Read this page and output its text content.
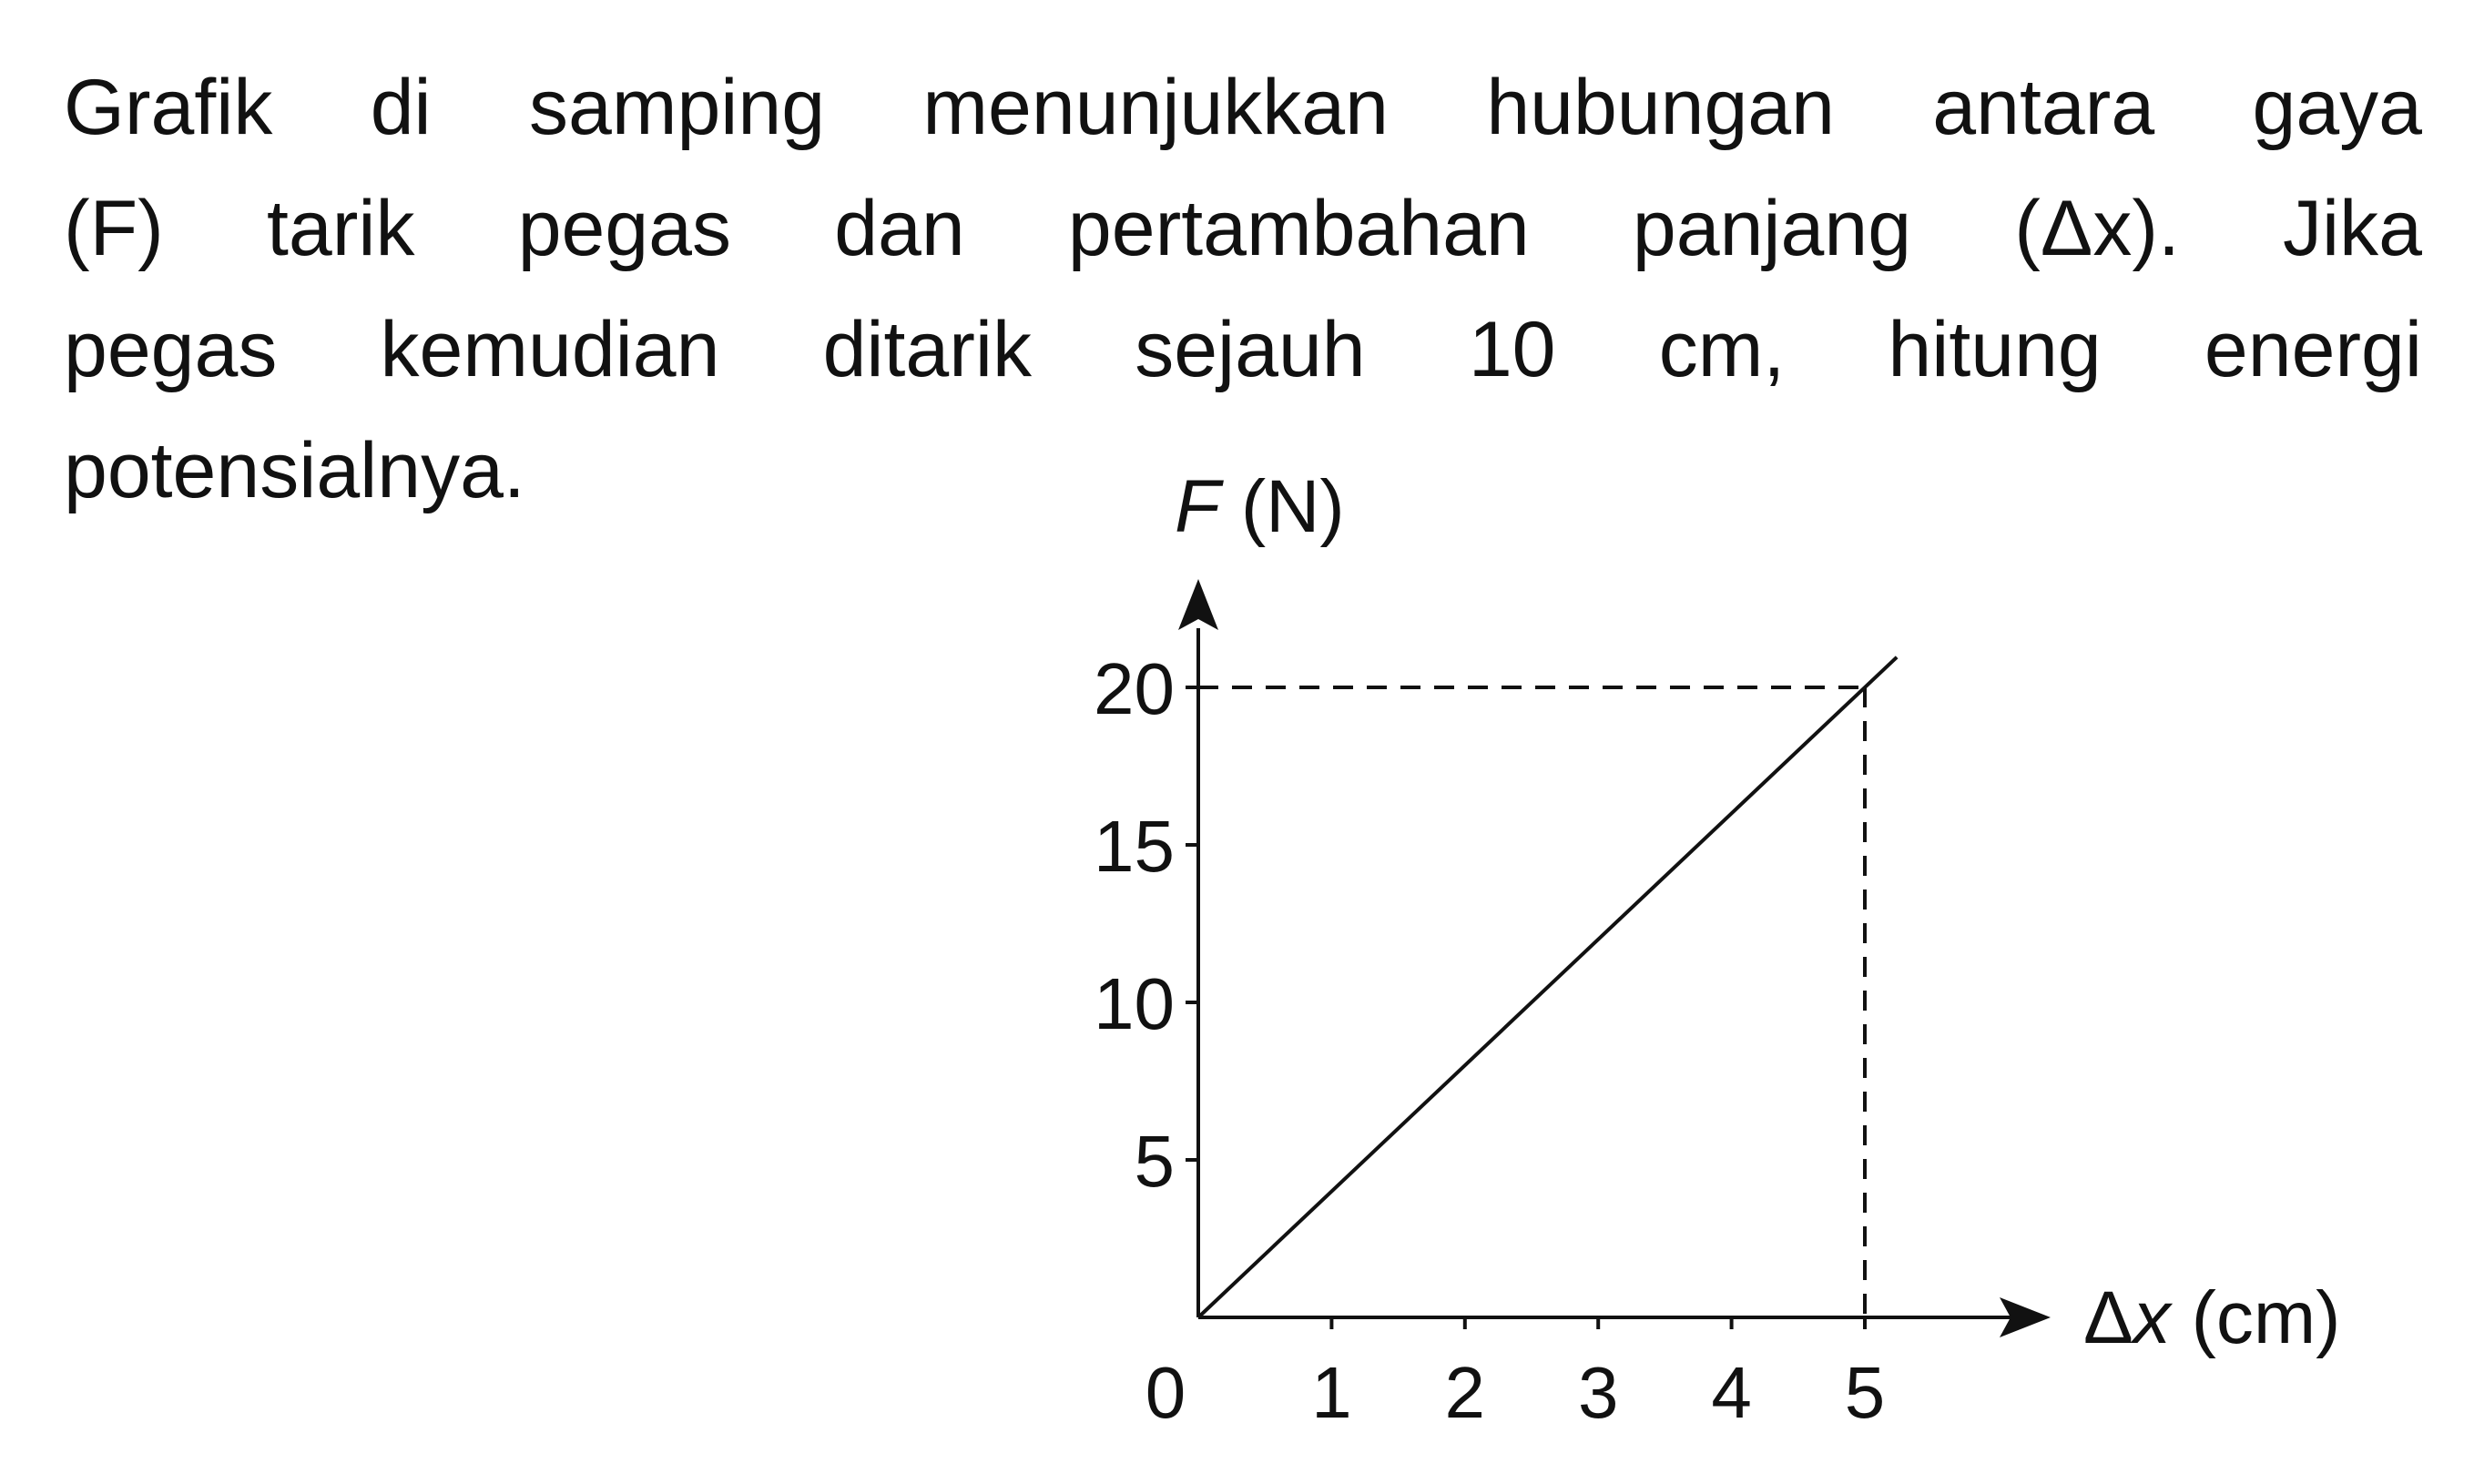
Grafik di samping menunjukkan hubungan antara gaya
(F) tarik pegas dan pertambahan panjang (Δx). Jika
pegas kemudian ditarik sejauh 10 cm, hitung energi
potensialnya.

0 1 2 3 4 5
5
10
15
20
F (N)
Δx (cm)
